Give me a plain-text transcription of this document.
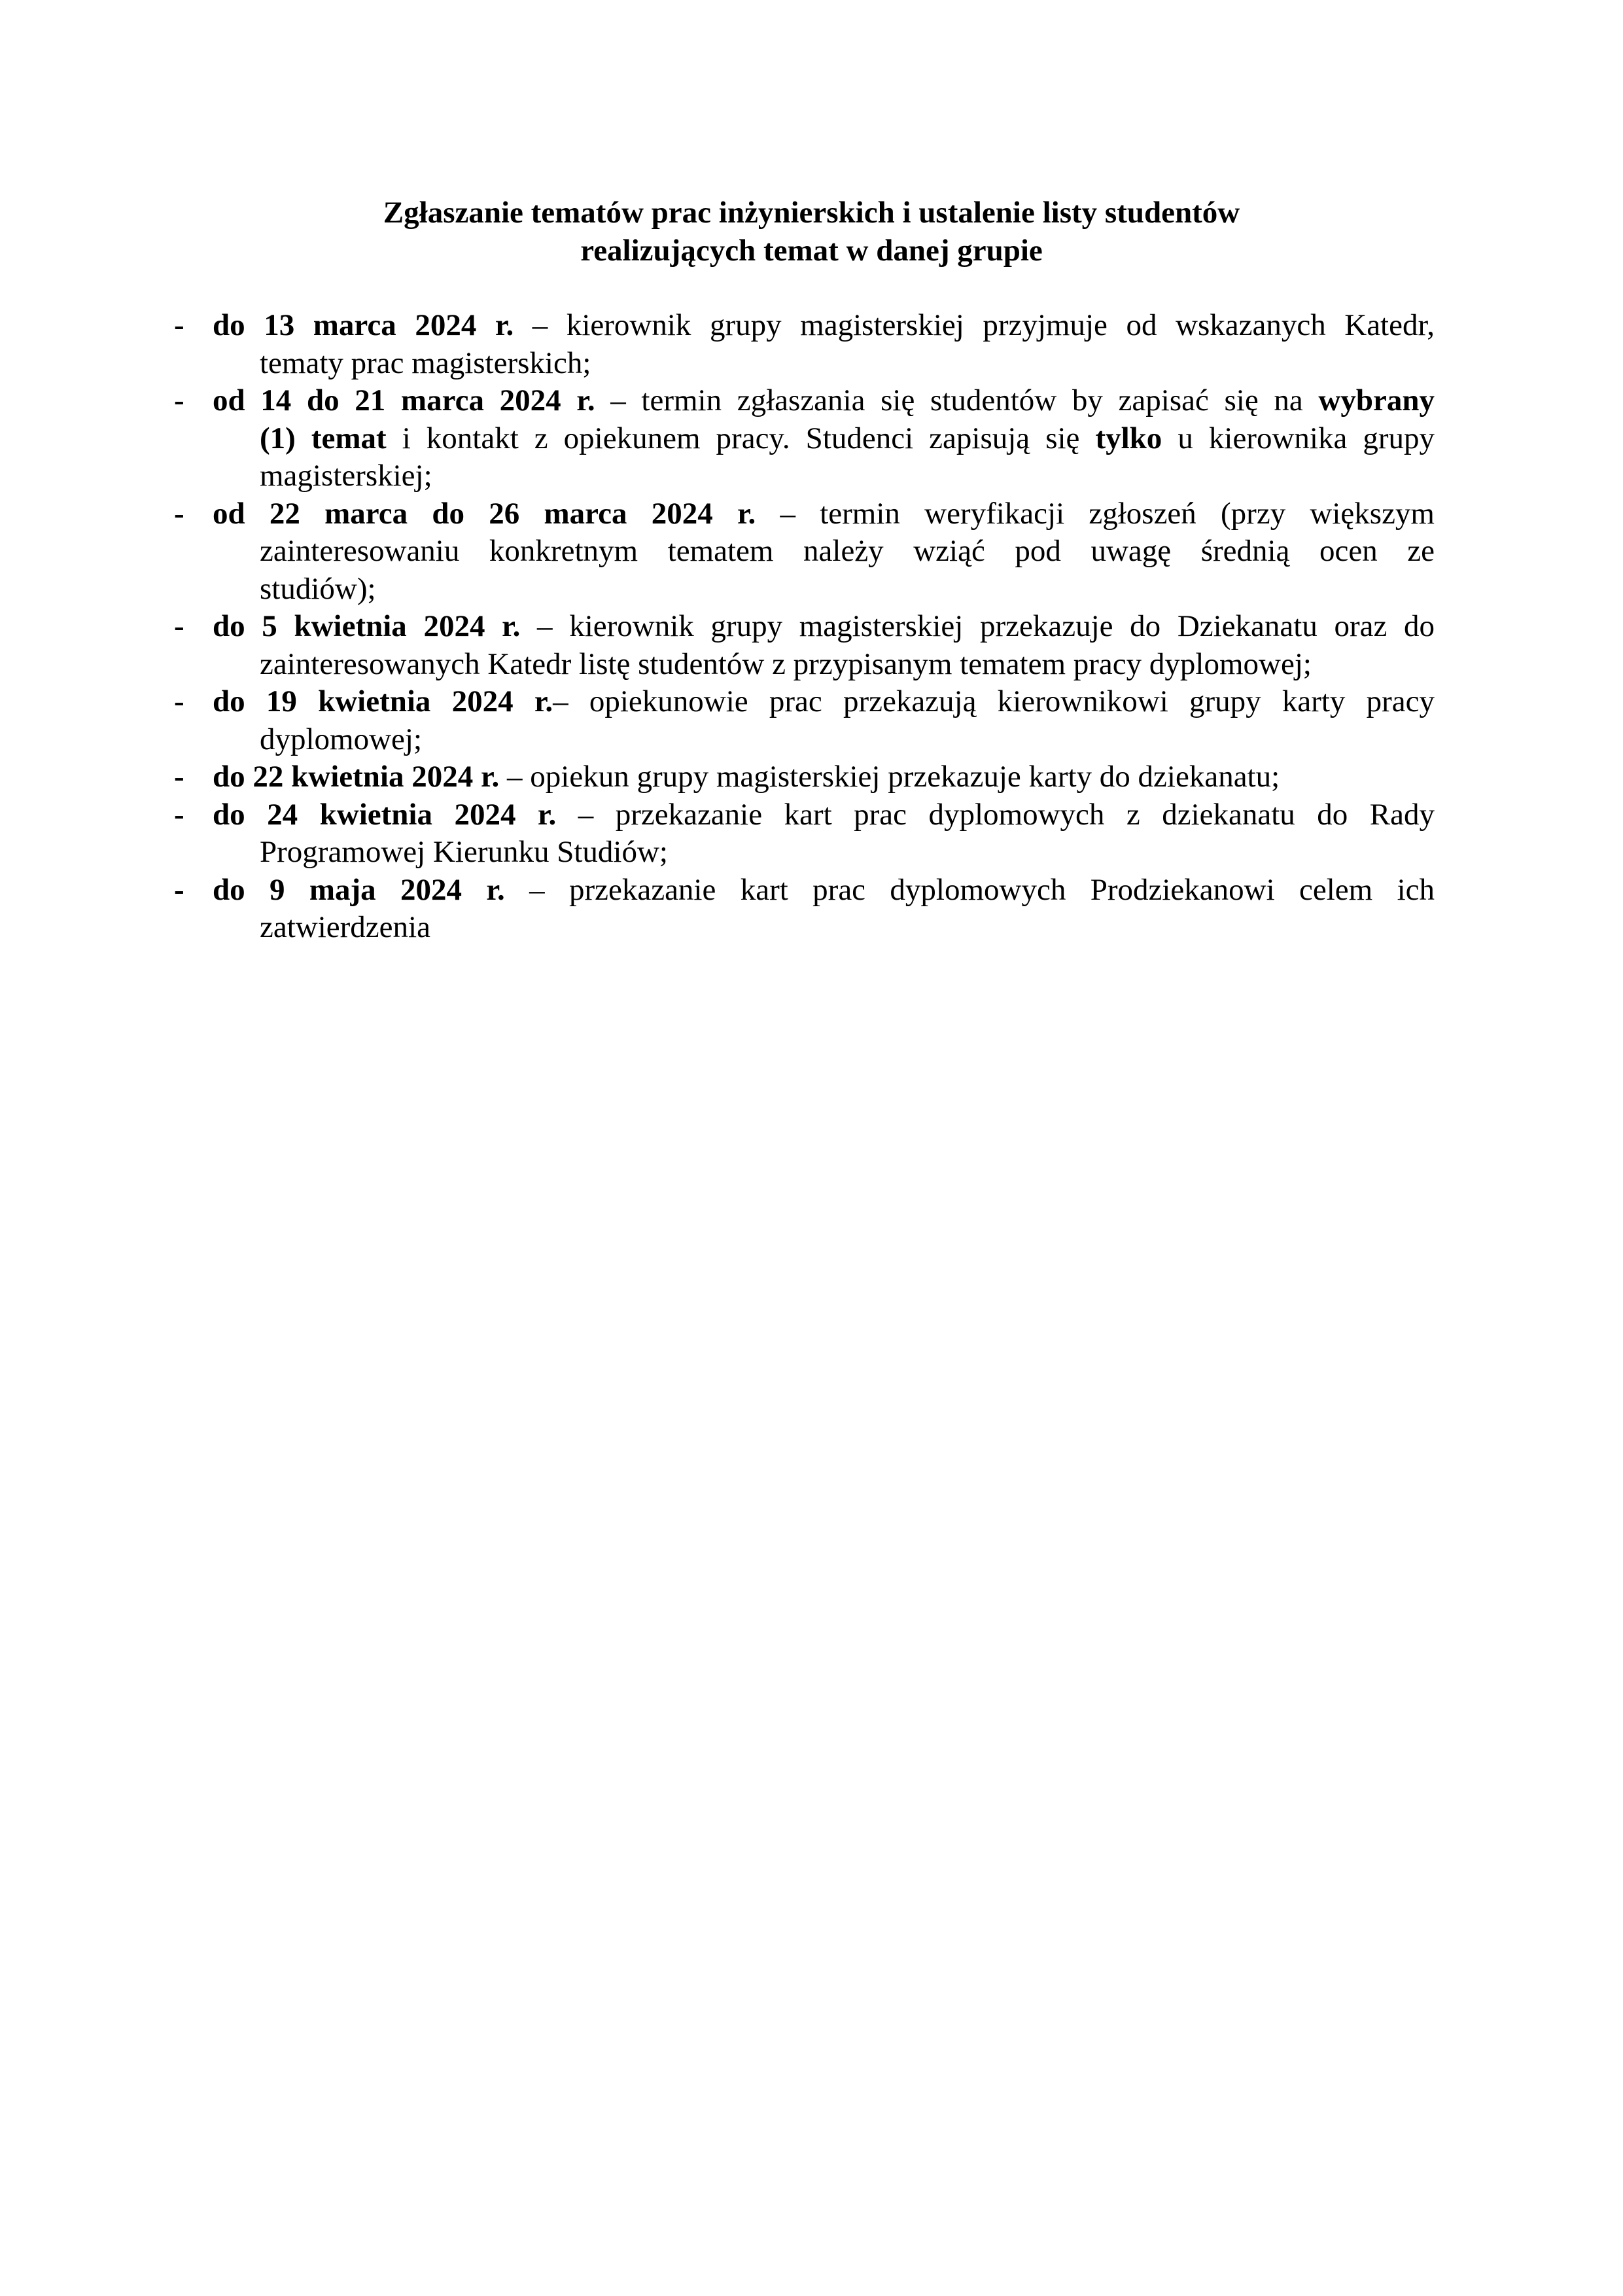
Zgłaszanie tematów prac inżynierskich i ustalenie listy studentów
realizujących temat w danej grupie
- do 13 marca 2024 r. – kierownik grupy magisterskiej przyjmuje od wskazanych Katedr,
tematy prac magisterskich;
- od 14 do 21 marca 2024 r. – termin zgłaszania się studentów by zapisać się na wybrany
(1) temat i kontakt z opiekunem pracy. Studenci zapisują się tylko u kierownika grupy
magisterskiej;
- od 22 marca do 26 marca 2024 r. – termin weryfikacji zgłoszeń (przy większym
zainteresowaniu konkretnym tematem należy wziąć pod uwagę średnią ocen ze
studiów);
- do 5 kwietnia 2024 r. – kierownik grupy magisterskiej przekazuje do Dziekanatu oraz do
zainteresowanych Katedr listę studentów z przypisanym tematem pracy dyplomowej;
- do 19 kwietnia 2024 r.– opiekunowie prac przekazują kierownikowi grupy karty pracy
dyplomowej;
- do 22 kwietnia 2024 r. – opiekun grupy magisterskiej przekazuje karty do dziekanatu;
- do 24 kwietnia 2024 r. – przekazanie kart prac dyplomowych z dziekanatu do Rady
Programowej Kierunku Studiów;
- do 9 maja 2024 r. – przekazanie kart prac dyplomowych Prodziekanowi celem ich
zatwierdzenia
